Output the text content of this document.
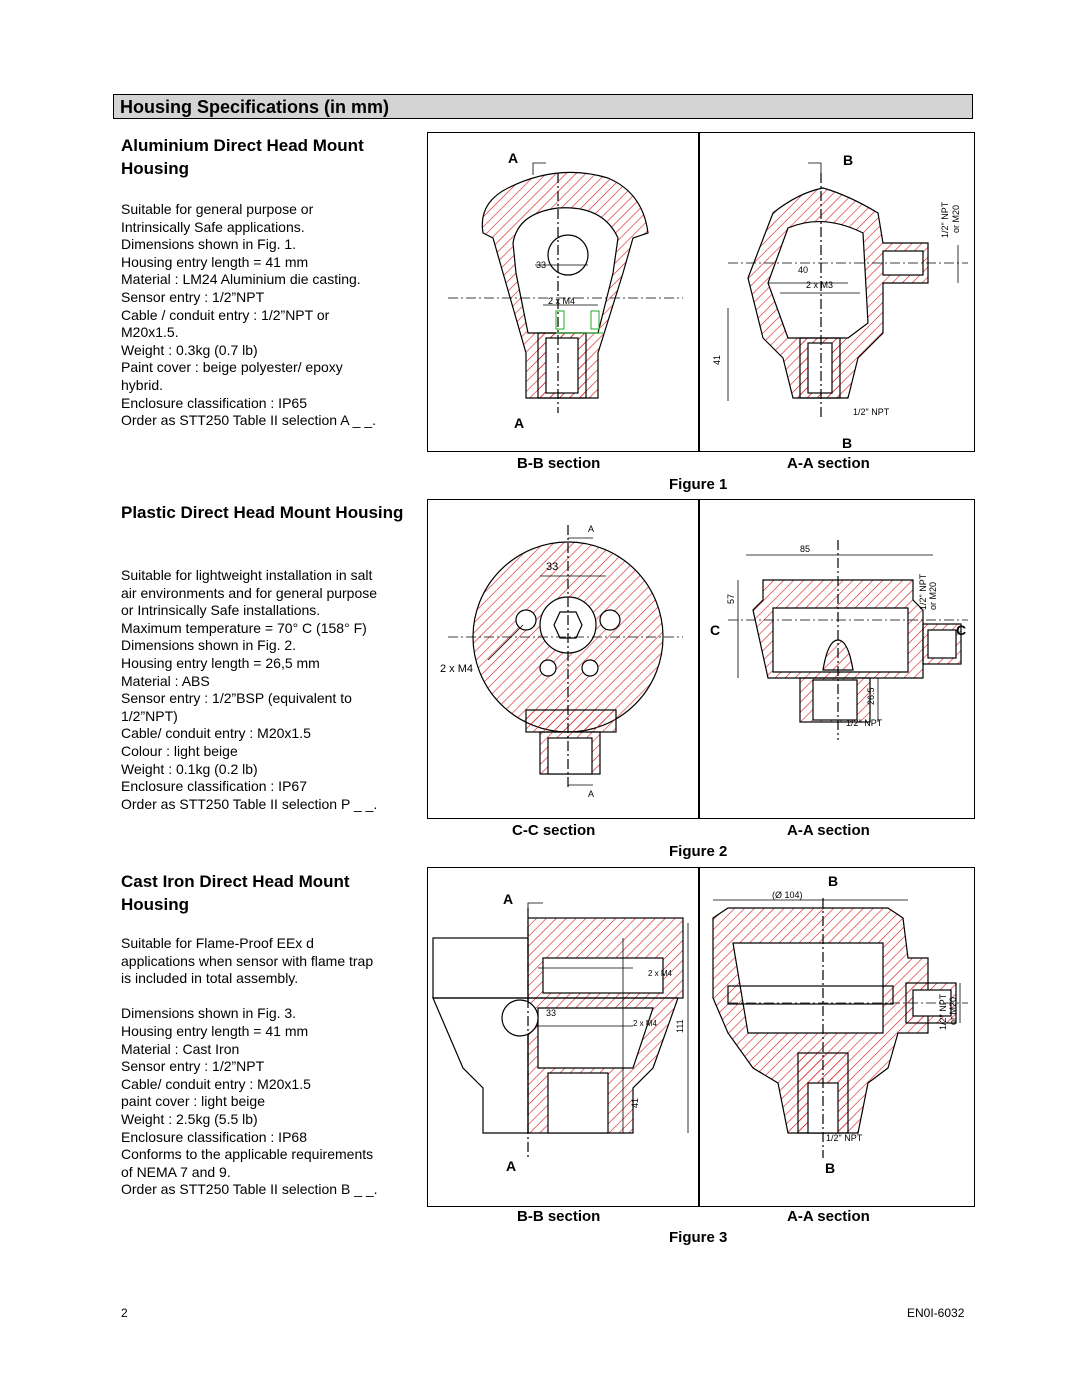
Housing Specifications (in mm)
Aluminium Direct Head Mount Housing
Suitable for general purpose or
Intrinsically Safe applications.
Dimensions shown in Fig. 1.
Housing entry length = 41 mm
Material : LM24 Aluminium die casting.
Sensor entry : 1/2”NPT
Cable / conduit entry : 1/2”NPT or
M20x1.5.
Weight : 0.3kg (0.7 lb)
Paint cover : beige polyester/ epoxy
hybrid.
Enclosure classification : IP65
Order as STT250 Table II selection A _ _.
A
A
33
2 x M4
B
B
40
2 x M3
41
1/2" NPT
1/2" NPT or M20
B-B section	A-A section
Figure 1
Plastic Direct Head Mount Housing
Suitable for lightweight installation in salt
air environments and for general purpose
or Intrinsically Safe installations.
Maximum temperature = 70° C (158° F)
Dimensions shown in Fig. 2.
Housing entry length = 26,5 mm
Material : ABS
Sensor entry : 1/2”BSP (equivalent to
1/2”NPT)
Cable/ conduit entry : M20x1.5
Colour : light beige
Weight : 0.1kg (0.2 lb)
Enclosure classification : IP67
Order as STT250 Table II selection P _ _.
A
A
33
2 x M4
85
57
C	C
26.5
1/2" NPT
1/2" NPT or M20
C-C section	A-A section
Figure 2
Cast Iron Direct Head Mount Housing
Suitable for Flame-Proof EEx d
applications when sensor with flame trap
is included in total assembly.
Dimensions shown in Fig. 3.
Housing entry length = 41 mm
Material : Cast Iron
Sensor entry : 1/2”NPT
Cable/ conduit entry : M20x1.5
paint cover : light beige
Weight : 2.5kg (5.5 lb)
Enclosure classification : IP68
Conforms to the applicable requirements
of NEMA 7 and 9.
Order as STT250 Table II selection B _ _.
A
A
2 x M4
33
2 x M4 111
41
B
B
(Ø 104)
1/2" NPT
1/2" NPT or M20
B-B section	A-A section
Figure 3
2	EN0I-6032
